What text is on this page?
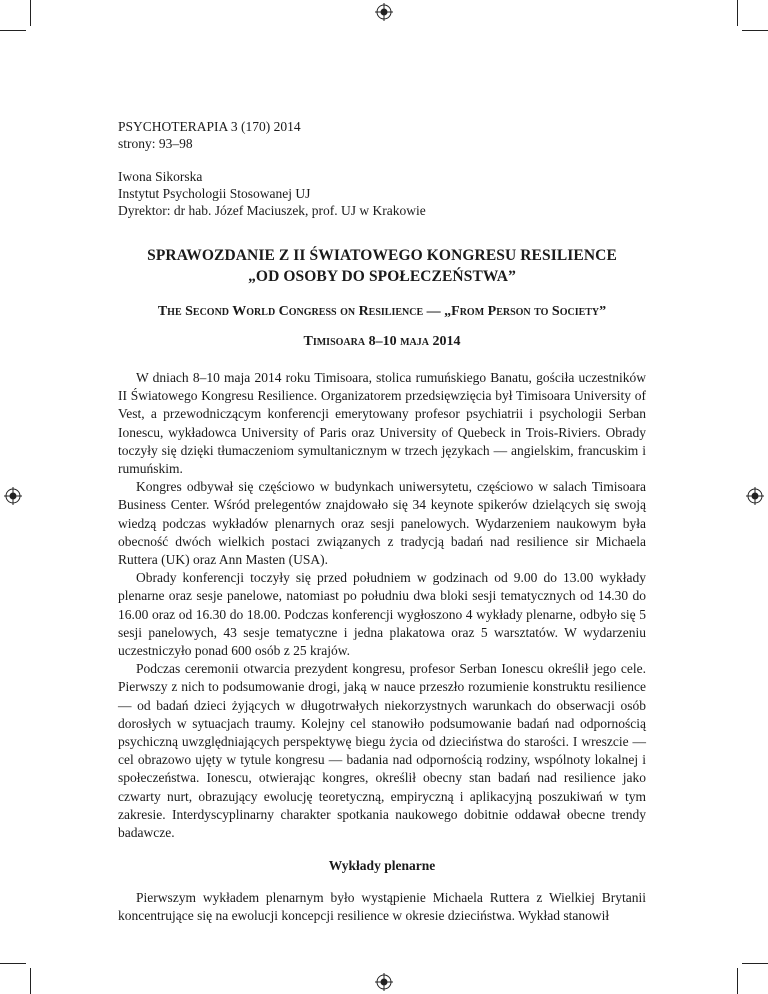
PSYCHOTERAPIA 3 (170) 2014

strony: 93–98

Iwona Sikorska

Instytut Psychologii Stosowanej UJ

Dyrektor: dr hab. Józef Maciuszek, prof. UJ w Krakowie

SPRAWOZDANIE Z II ŚWIATOWEGO KONGRESU RESILIENCE

„OD OSOBY DO SPOŁECZEŃSTWA”

The Second World Congress on Resilience — „From Person to Society”

Timisoara 8–10 maja 2014

W dniach 8–10 maja 2014 roku Timisoara, stolica rumuńskiego Banatu, gościła uczestników II Światowego Kongresu Resilience. Organizatorem przedsięwzięcia był Timisoara University of Vest, a przewodniczącym konferencji emerytowany profesor psychiatrii i psychologii Serban Ionescu, wykładowca University of Paris oraz University of Quebeck in Trois-Riviers. Obrady toczyły się dzięki tłumaczeniom symultanicznym w trzech językach — angielskim, francuskim i rumuńskim.

Kongres odbywał się częściowo w budynkach uniwersytetu, częściowo w salach Timisoara Business Center. Wśród prelegentów znajdowało się 34 keynote spikerów dzielących się swoją wiedzą podczas wykładów plenarnych oraz sesji panelowych. Wydarzeniem naukowym była obecność dwóch wielkich postaci związanych z tradycją badań nad resilience sir Michaela Ruttera (UK) oraz Ann Masten (USA).

Obrady konferencji toczyły się przed południem w godzinach od 9.00 do 13.00 wykłady plenarne oraz sesje panelowe, natomiast po południu dwa bloki sesji tematycznych od 14.30 do 16.00 oraz od 16.30 do 18.00. Podczas konferencji wygłoszono 4 wykłady plenarne, odbyło się 5 sesji panelowych, 43 sesje tematyczne i jedna plakatowa oraz 5 warsztatów. W wydarzeniu uczestniczyło ponad 600 osób z 25 krajów.

Podczas ceremonii otwarcia prezydent kongresu, profesor Serban Ionescu określił jego cele. Pierwszy z nich to podsumowanie drogi, jaką w nauce przeszło rozumienie konstruktu resilience — od badań dzieci żyjących w długotrwałych niekorzystnych warunkach do obserwacji osób dorosłych w sytuacjach traumy. Kolejny cel stanowiło podsumowanie badań nad odpornością psychiczną uwzględniających perspektywę biegu życia od dzieciństwa do starości. I wreszcie — cel obrazowo ujęty w tytule kongresu — badania nad odpornością rodziny, wspólnoty lokalnej i społeczeństwa. Ionescu, otwierając kongres, określił obecny stan badań nad resilience jako czwarty nurt, obrazujący ewolucję teoretyczną, empiryczną i aplikacyjną poszukiwań w tym zakresie. Interdyscyplinarny charakter spotkania naukowego dobitnie oddawał obecne trendy badawcze.

Wykłady plenarne

Pierwszym wykładem plenarnym było wystąpienie Michaela Ruttera z Wielkiej Brytanii koncentrujące się na ewolucji koncepcji resilience w okresie dzieciństwa. Wykład stanowił
